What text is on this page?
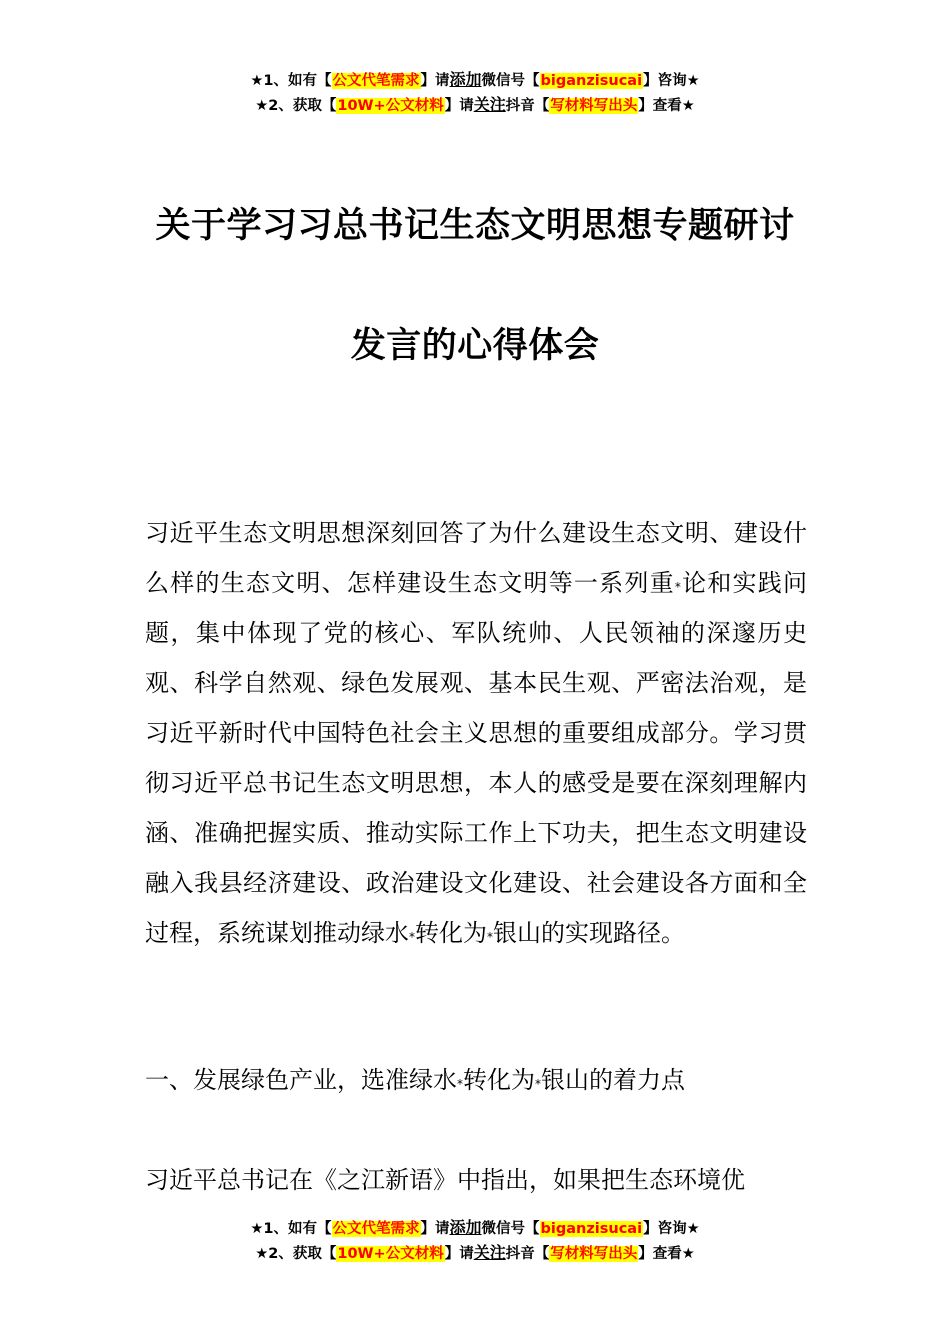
★1、如有【公文代笔需求】请添加微信号【biganzisucai】咨询★
★2、获取【10W+公文材料】请关注抖音【写材料写出头】查看★
关于学习习总书记生态文明思想专题研讨
发言的心得体会
习近平生态文明思想深刻回答了为什么建设生态文明、建设什么样的生态文明、怎样建设生态文明等一系列重*论和实践问题，集中体现了党的核心、军队统帅、人民领袖的深邃历史观、科学自然观、绿色发展观、基本民生观、严密法治观，是习近平新时代中国特色社会主义思想的重要组成部分。学习贯彻习近平总书记生态文明思想，本人的感受是要在深刻理解内涵、准确把握实质、推动实际工作上下功夫，把生态文明建设融入我县经济建设、政治建设文化建设、社会建设各方面和全过程，系统谋划推动绿水*转化为*银山的实现路径。
一、发展绿色产业，选准绿水*转化为*银山的着力点
习近平总书记在《之江新语》中指出，如果把生态环境优
★1、如有【公文代笔需求】请添加微信号【biganzisucai】咨询★
★2、获取【10W+公文材料】请关注抖音【写材料写出头】查看★
